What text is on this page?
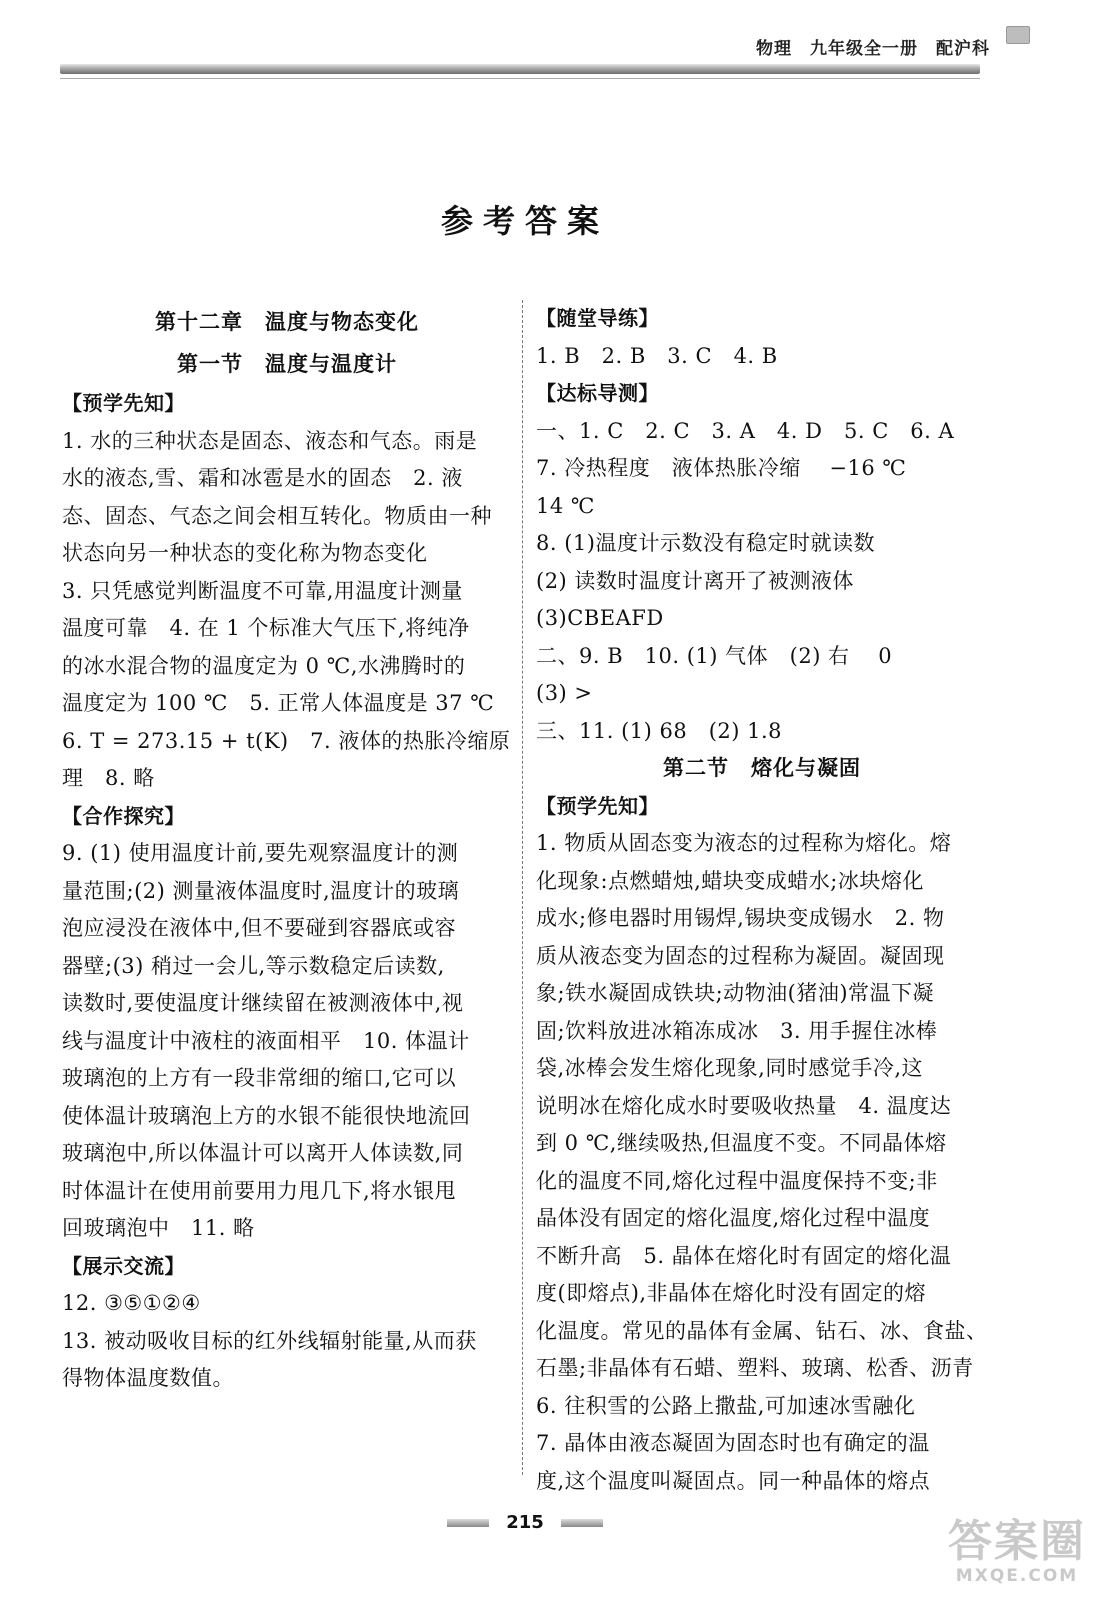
物理　九年级全一册　配沪科
参考答案
第十二章　温度与物态变化
第一节　温度与温度计
【预学先知】

1. 水的三种状态是固态、液态和气态。雨是

水的液态,雪、霜和冰雹是水的固态　2. 液

态、固态、气态之间会相互转化。物质由一种

状态向另一种状态的变化称为物态变化

3. 只凭感觉判断温度不可靠,用温度计测量

温度可靠　4. 在 1 个标准大气压下,将纯净

的冰水混合物的温度定为 0 ℃,水沸腾时的

温度定为 100 ℃　5. 正常人体温度是 37 ℃

6. T = 273.15 + t(K)　7. 液体的热胀冷缩原

理　8. 略

【合作探究】

9. (1) 使用温度计前,要先观察温度计的测

量范围;(2) 测量液体温度时,温度计的玻璃

泡应浸没在液体中,但不要碰到容器底或容

器壁;(3) 稍过一会儿,等示数稳定后读数,

读数时,要使温度计继续留在被测液体中,视

线与温度计中液柱的液面相平　10. 体温计

玻璃泡的上方有一段非常细的缩口,它可以

使体温计玻璃泡上方的水银不能很快地流回

玻璃泡中,所以体温计可以离开人体读数,同

时体温计在使用前要用力甩几下,将水银甩

回玻璃泡中　11. 略

【展示交流】

12. ③⑤①②④

13. 被动吸收目标的红外线辐射能量,从而获

得物体温度数值。

【随堂导练】

1. B　2. B　3. C　4. B

【达标导测】

一、1. C　2. C　3. A　4. D　5. C　6. A

7. 冷热程度　液体热胀冷缩　 −16 ℃

14 ℃

8. (1)温度计示数没有稳定时就读数

(2) 读数时温度计离开了被测液体

(3)CBEAFD

二、9. B　10. (1) 气体　(2) 右　 0

(3) >

三、11. (1) 68　(2) 1.8

第二节　熔化与凝固
【预学先知】

1. 物质从固态变为液态的过程称为熔化。熔

化现象:点燃蜡烛,蜡块变成蜡水;冰块熔化

成水;修电器时用锡焊,锡块变成锡水　2. 物

质从液态变为固态的过程称为凝固。凝固现

象;铁水凝固成铁块;动物油(猪油)常温下凝

固;饮料放进冰箱冻成冰　3. 用手握住冰棒

袋,冰棒会发生熔化现象,同时感觉手冷,这

说明冰在熔化成水时要吸收热量　4. 温度达

到 0 ℃,继续吸热,但温度不变。不同晶体熔

化的温度不同,熔化过程中温度保持不变;非

晶体没有固定的熔化温度,熔化过程中温度

不断升高　5. 晶体在熔化时有固定的熔化温

度(即熔点),非晶体在熔化时没有固定的熔

化温度。常见的晶体有金属、钻石、冰、食盐、

石墨;非晶体有石蜡、塑料、玻璃、松香、沥青

6. 往积雪的公路上撒盐,可加速冰雪融化

7. 晶体由液态凝固为固态时也有确定的温

度,这个温度叫凝固点。同一种晶体的熔点

215	答案圈
MXQE.COM
